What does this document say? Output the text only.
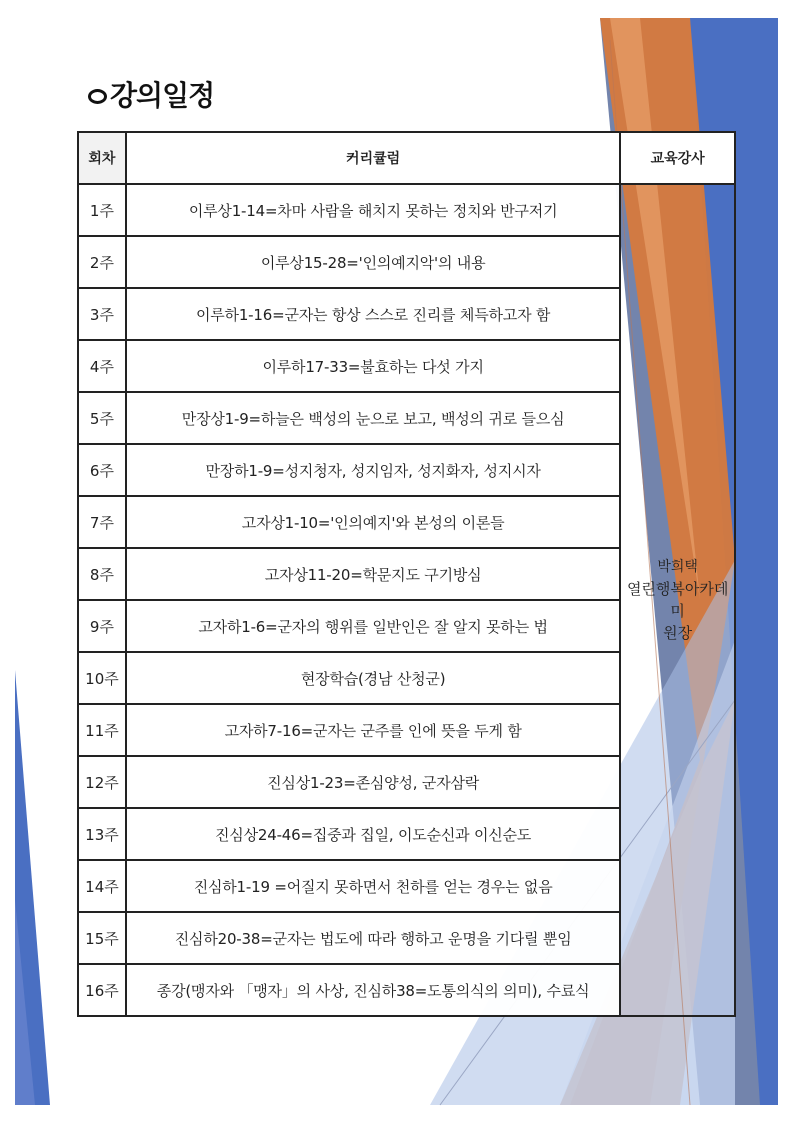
강의일정
회차	커리큘럼	교육강사
1주	이루상1-14=차마 사람을 해치지 못하는 정치와 반구저기	박희택
열린행복아카데미
원장

2주	이루상15-28='인의예지악'의 내용	
3주	이루하1-16=군자는 항상 스스로 진리를 체득하고자 함	
4주	이루하17-33=불효하는 다섯 가지	
5주	만장상1-9=하늘은 백성의 눈으로 보고, 백성의 귀로 들으심	
6주	만장하1-9=성지청자, 성지임자, 성지화자, 성지시자	
7주	고자상1-10='인의예지'와 본성의 이론들	
8주	고자상11-20=학문지도 구기방심	
9주	고자하1-6=군자의 행위를 일반인은 잘 알지 못하는 법	
10주	현장학습(경남 산청군)	
11주	고자하7-16=군자는 군주를 인에 뜻을 두게 함	
12주	진심상1-23=존심양성, 군자삼락	
13주	진심상24-46=집중과 집일, 이도순신과 이신순도	
14주	진심하1-19 =어질지 못하면서 천하를 얻는 경우는 없음	
15주	진심하20-38=군자는 법도에 따라 행하고 운명을 기다릴 뿐임	
16주	종강(맹자와 「맹자」의 사상, 진심하38=도통의식의 의미), 수료식	
